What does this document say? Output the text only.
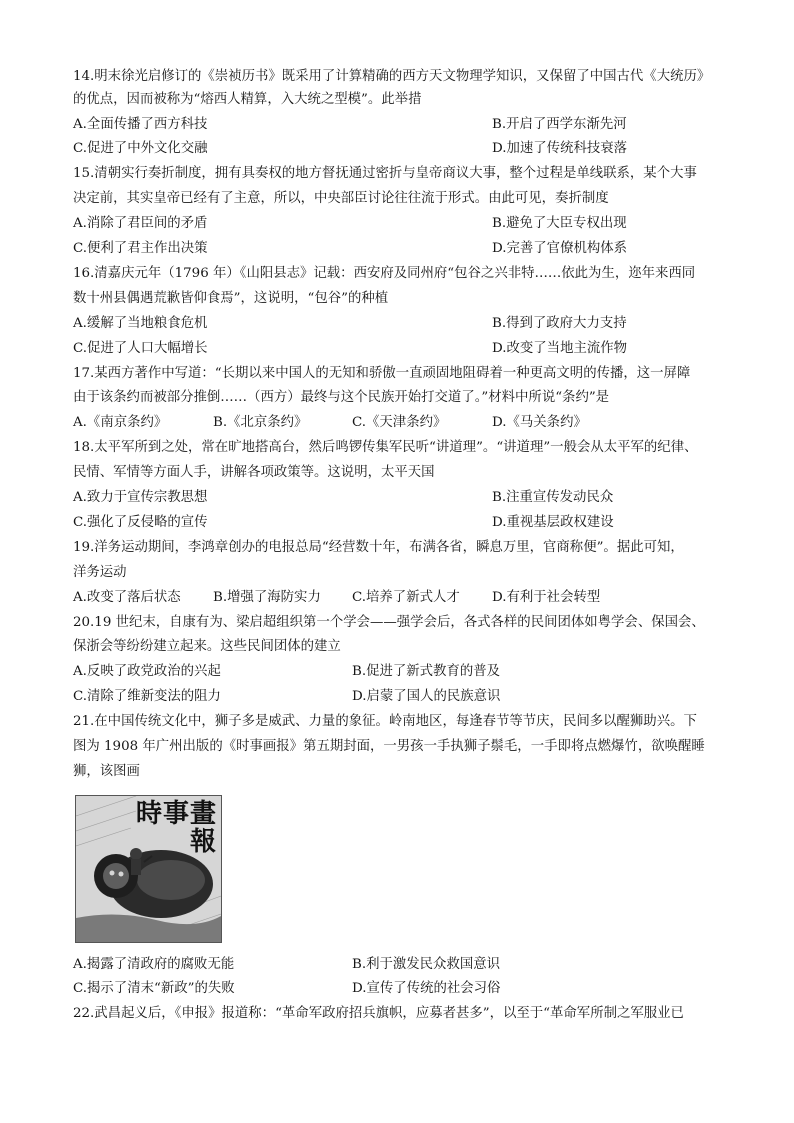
14.明末徐光启修订的《崇祯历书》既采用了计算精确的西方天文物理学知识，又保留了中国古代《大统历》
的优点，因而被称为“熔西人精算，入大统之型模”。此举措
A.全面传播了西方科技	B.开启了西学东渐先河
C.促进了中外文化交融	D.加速了传统科技衰落
15.清朝实行奏折制度，拥有具奏权的地方督抚通过密折与皇帝商议大事，整个过程是单线联系，某个大事
决定前，其实皇帝已经有了主意，所以，中央部臣讨论往往流于形式。由此可见，奏折制度
A.消除了君臣间的矛盾	B.避免了大臣专权出现
C.便利了君主作出决策	D.完善了官僚机构体系
16.清嘉庆元年（1796 年）《山阳县志》记载：西安府及同州府“包谷之兴非特……依此为生，迩年来西同
数十州县偶遇荒歉皆仰食焉”，这说明，“包谷”的种植
A.缓解了当地粮食危机	B.得到了政府大力支持
C.促进了人口大幅增长	D.改变了当地主流作物
17.某西方著作中写道：“长期以来中国人的无知和骄傲一直顽固地阻碍着一种更高文明的传播，这一屏障
由于该条约而被部分推倒……（西方）最终与这个民族开始打交道了。”材料中所说“条约”是
A.《南京条约》	B.《北京条约》	C.《天津条约》	D.《马关条约》
18.太平军所到之处，常在旷地搭高台，然后鸣锣传集军民听“讲道理”。“讲道理”一般会从太平军的纪律、
民情、军情等方面人手，讲解各项政策等。这说明，太平天国
A.致力于宣传宗教思想	B.注重宣传发动民众
C.强化了反侵略的宣传	D.重视基层政权建设
19.洋务运动期间，李鸿章创办的电报总局“经营数十年，布满各省，瞬息万里，官商称便”。据此可知，
洋务运动
A.改变了落后状态 B.增强了海防实力 C.培养了新式人才 D.有利于社会转型
20.19 世纪末，自康有为、梁启超组织第一个学会——强学会后，各式各样的民间团体如粤学会、保国会、
保浙会等纷纷建立起来。这些民间团体的建立
A.反映了政党政治的兴起	B.促进了新式教育的普及
C.清除了维新变法的阻力	D.启蒙了国人的民族意识
21.在中国传统文化中，狮子多是威武、力量的象征。岭南地区，每逢春节等节庆，民间多以醒狮助兴。下
图为 1908 年广州出版的《时事画报》第五期封面，一男孩一手执狮子鬃毛，一手即将点燃爆竹，欲唤醒睡
狮，该图画
時事畫報
A.揭露了清政府的腐败无能	B.利于激发民众救国意识
C.揭示了清末“新政”的失败	D.宣传了传统的社会习俗
22.武昌起义后，《申报》报道称：“革命军政府招兵旗帜，应募者甚多”，以至于“革命军所制之军服业已
